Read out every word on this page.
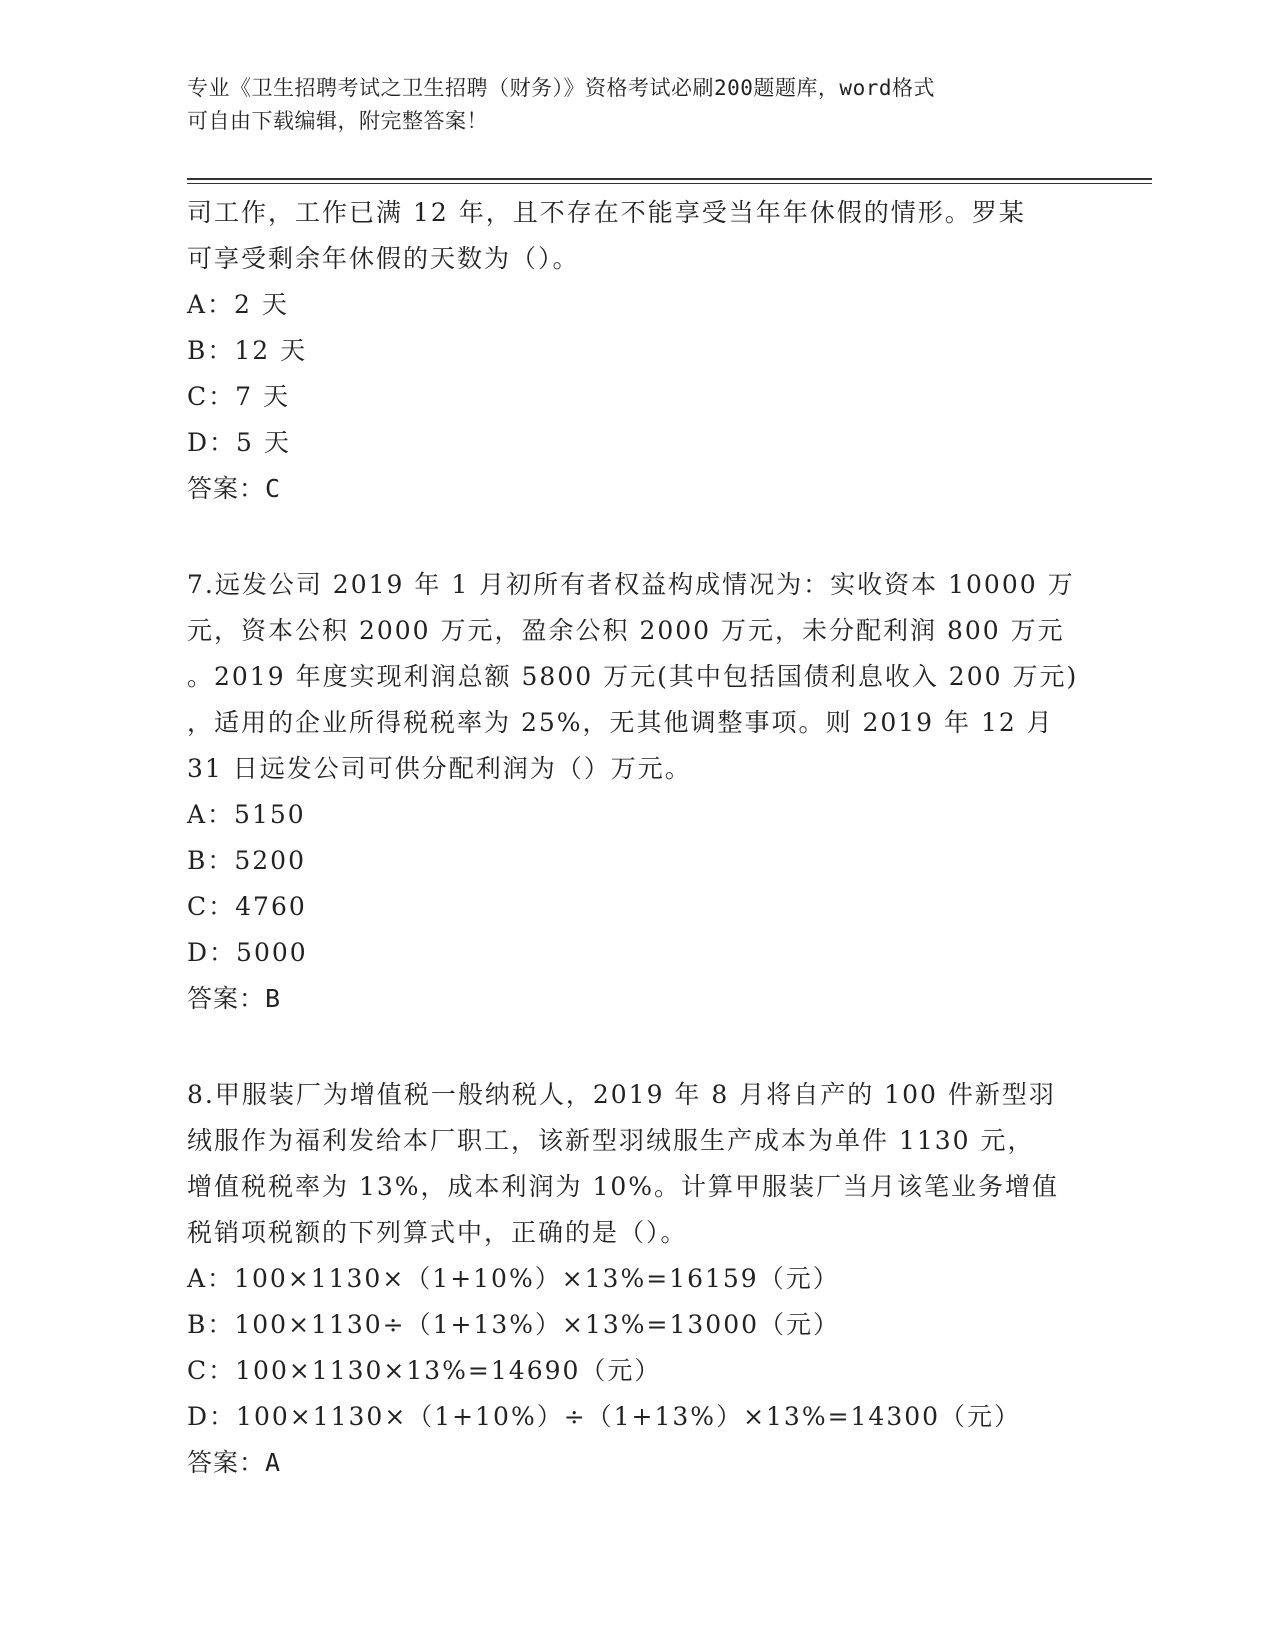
专业《卫生招聘考试之卫生招聘（财务）》资格考试必刷200题题库，word格式
可自由下载编辑，附完整答案！

司工作，工作已满 12 年，且不存在不能享受当年年休假的情形。罗某

可享受剩余年休假的天数为（）。

A：2 天

B：12 天

C：7 天

D：5 天

答案：C

7.远发公司 2019 年 1 月初所有者权益构成情况为：实收资本 10000 万

元，资本公积 2000 万元，盈余公积 2000 万元，未分配利润 800 万元

。2019 年度实现利润总额 5800 万元(其中包括国债利息收入 200 万元)

，适用的企业所得税税率为 25%，无其他调整事项。则 2019 年 12 月

31 日远发公司可供分配利润为（）万元。

A：5150

B：5200

C：4760

D：5000

答案：B

8.甲服装厂为增值税一般纳税人，2019 年 8 月将自产的 100 件新型羽

绒服作为福利发给本厂职工，该新型羽绒服生产成本为单件 1130 元，

增值税税率为 13%，成本利润为 10%。计算甲服装厂当月该笔业务增值

税销项税额的下列算式中，正确的是（）。

A：100×1130×（1+10%）×13%=16159（元）

B：100×1130÷（1+13%）×13%=13000（元）

C：100×1130×13%=14690（元）

D：100×1130×（1+10%）÷（1+13%）×13%=14300（元）

答案：A
